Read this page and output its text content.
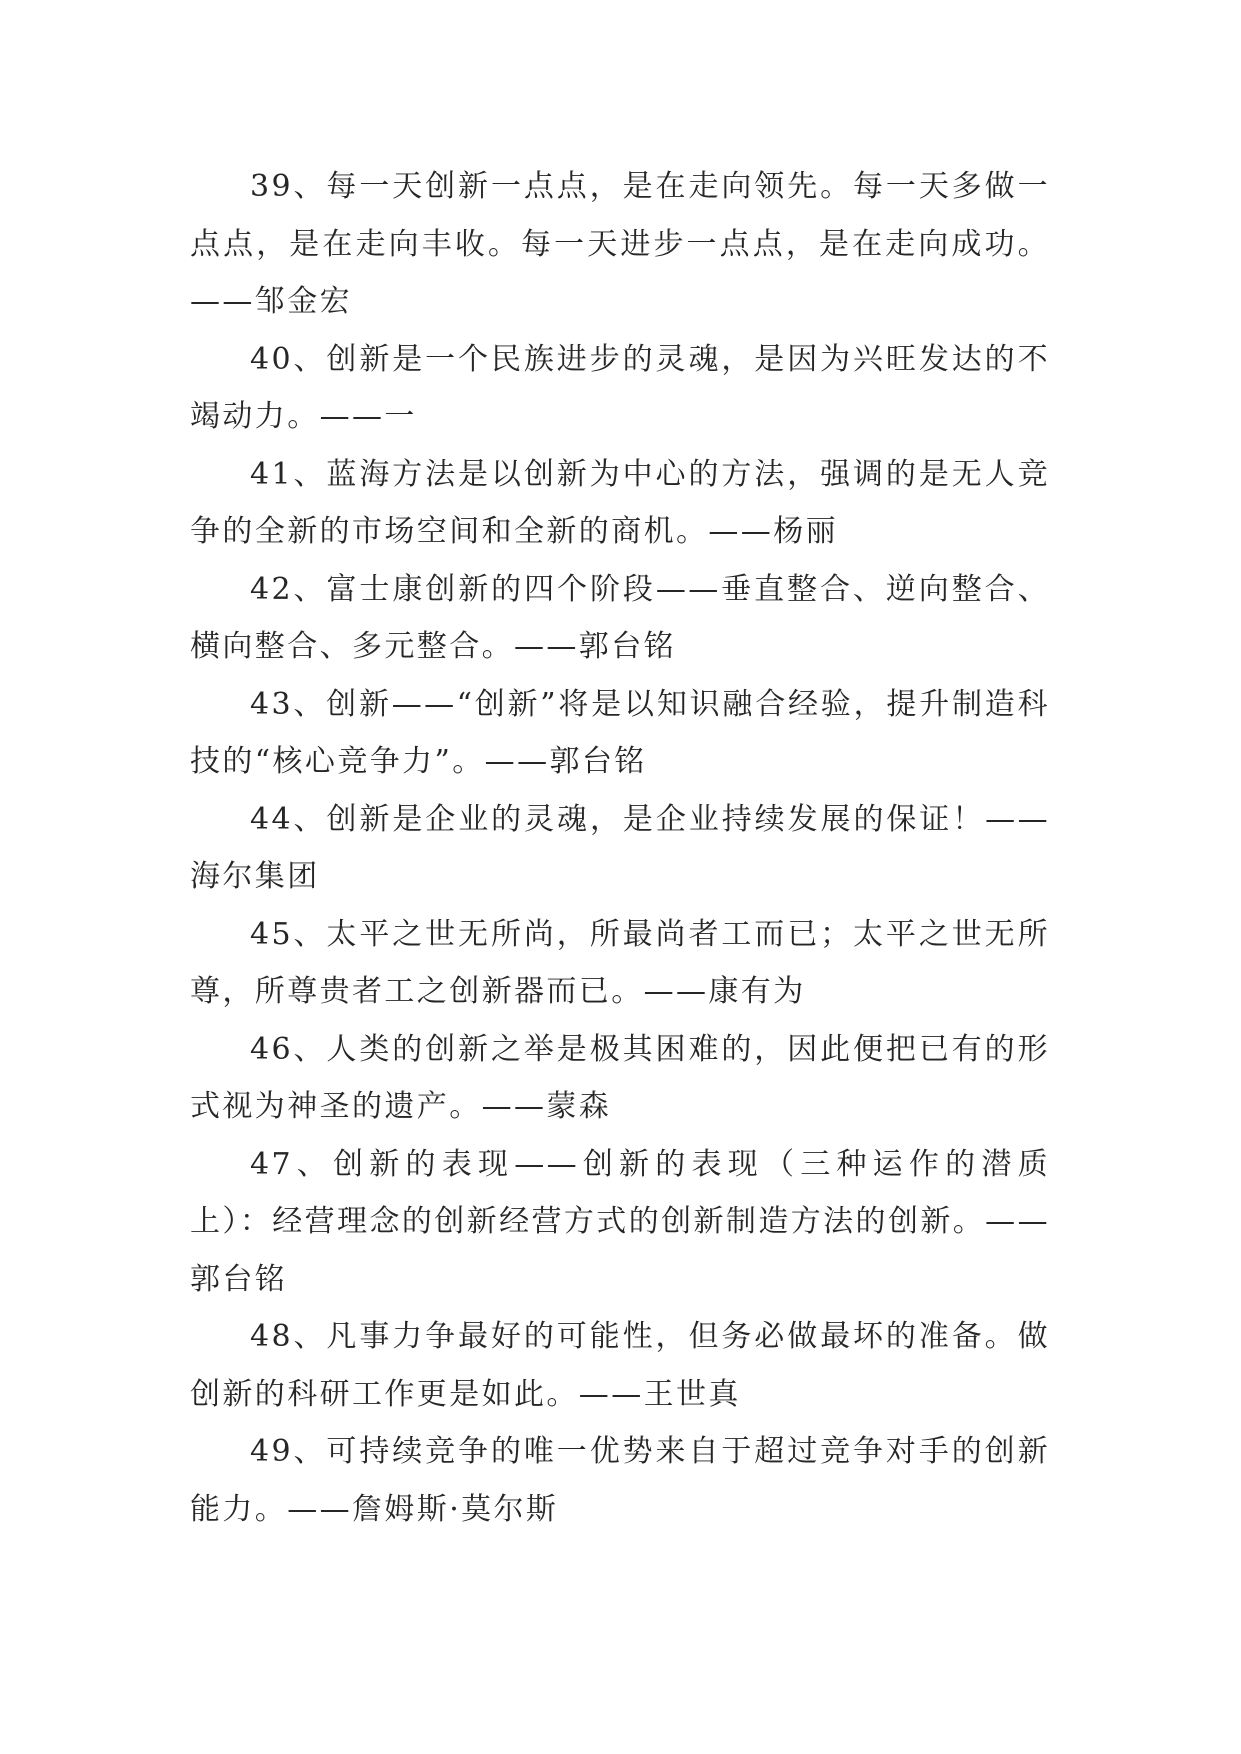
39、每一天创新一点点，是在走向领先。每一天多做一点点，是在走向丰收。每一天进步一点点，是在走向成功。——邹金宏

40、创新是一个民族进步的灵魂，是因为兴旺发达的不竭动力。——一

41、蓝海方法是以创新为中心的方法，强调的是无人竞争的全新的市场空间和全新的商机。——杨丽

42、富士康创新的四个阶段——垂直整合、逆向整合、横向整合、多元整合。——郭台铭

43、创新——“创新”将是以知识融合经验，提升制造科技的“核心竞争力”。——郭台铭

44、创新是企业的灵魂，是企业持续发展的保证！——海尔集团

45、太平之世无所尚，所最尚者工而已；太平之世无所尊，所尊贵者工之创新器而已。——康有为

46、人类的创新之举是极其困难的，因此便把已有的形式视为神圣的遗产。——蒙森

47、创新的表现——创新的表现（三种运作的潜质上）：经营理念的创新经营方式的创新制造方法的创新。——郭台铭

48、凡事力争最好的可能性，但务必做最坏的准备。做创新的科研工作更是如此。——王世真

49、可持续竞争的唯一优势来自于超过竞争对手的创新能力。——詹姆斯·莫尔斯
